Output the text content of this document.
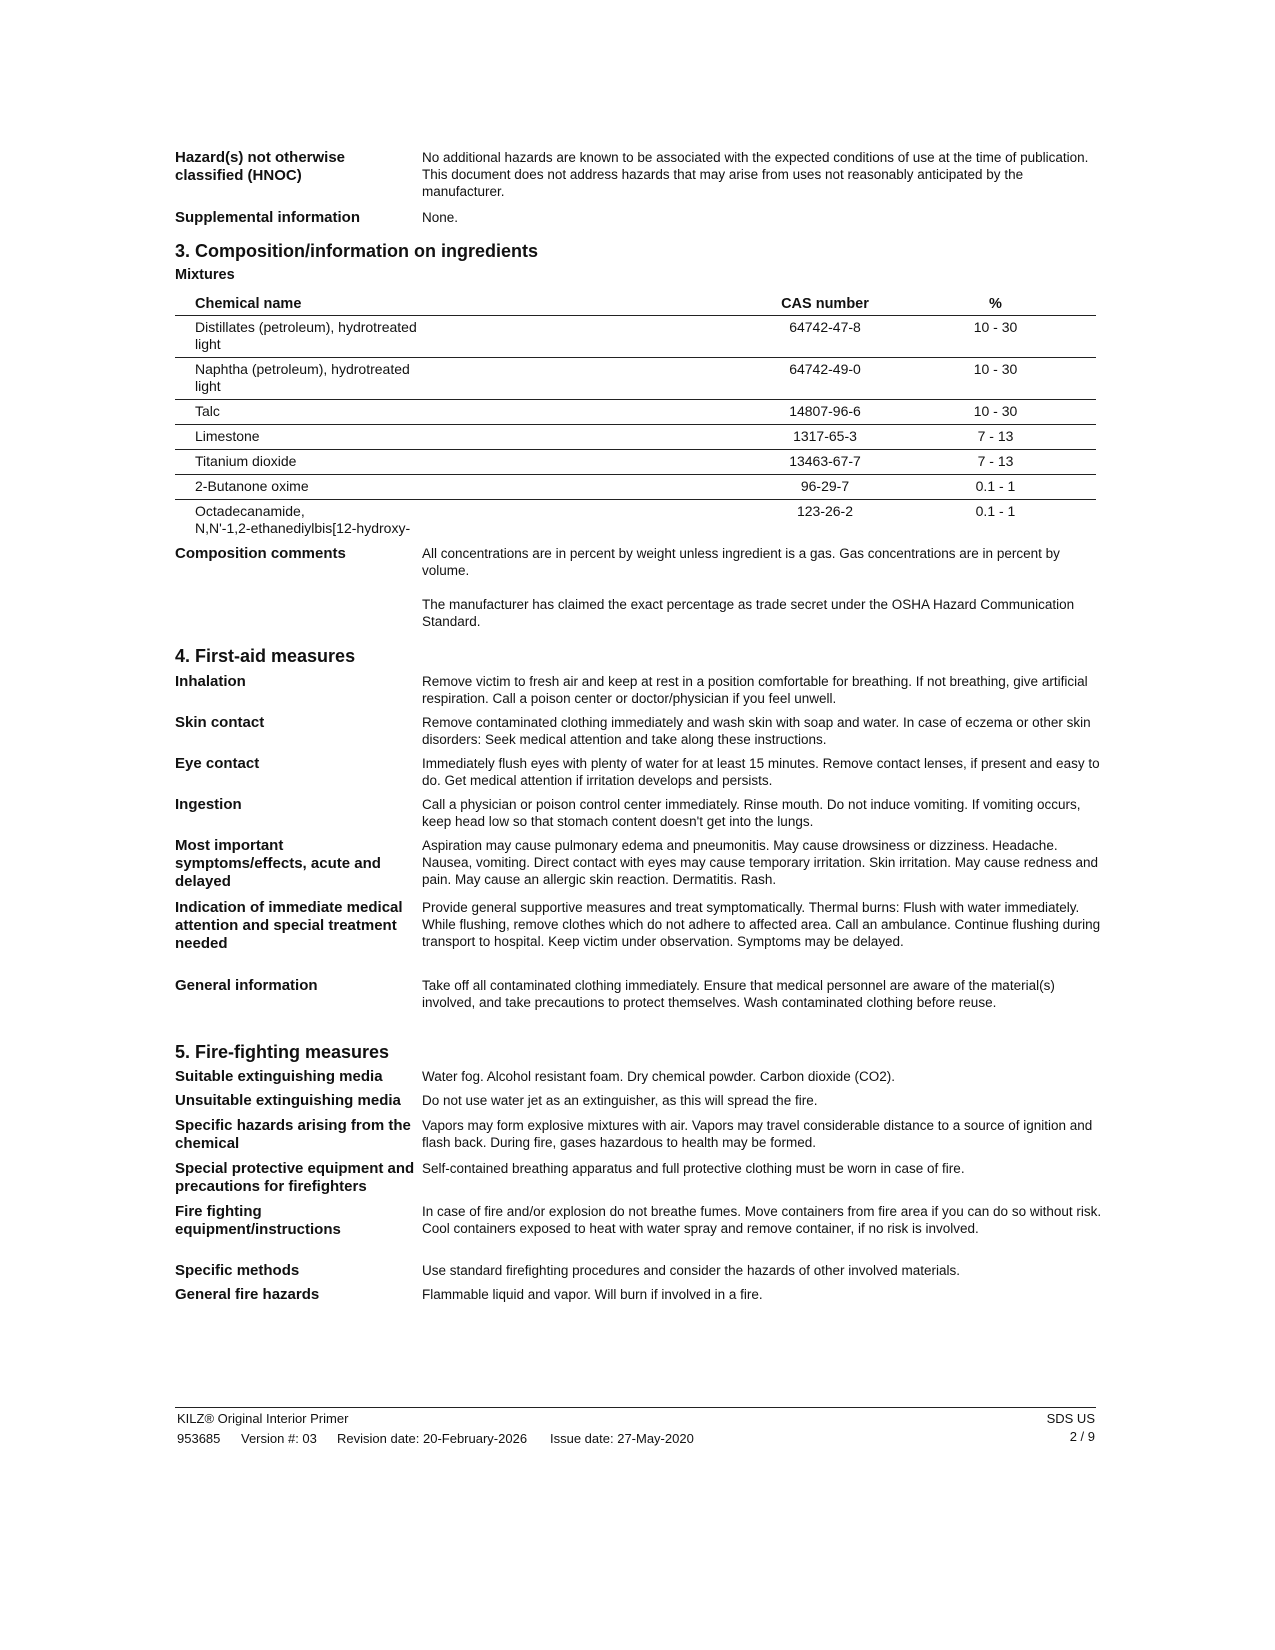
Hazard(s) not otherwise classified (HNOC)

No additional hazards are known to be associated with the expected conditions of use at the time of publication. This document does not address hazards that may arise from uses not reasonably anticipated by the manufacturer.

Supplemental information	None.

3. Composition/information on ingredients
Mixtures
Chemical name	CAS number	%
Distillates (petroleum), hydrotreated
light	64742-47-8	10 - 30
Naphtha (petroleum), hydrotreated
light	64742-49-0	10 - 30
Talc	14807-96-6	10 - 30
Limestone	1317-65-3	7 - 13
Titanium dioxide	13463-67-7	7 - 13
2-Butanone oxime	96-29-7	0.1 - 1
Octadecanamide,
N,N'-1,2-ethanediylbis[12-hydroxy-	123-26-2	0.1 - 1
Composition comments	All concentrations are in percent by weight unless ingredient is a gas. Gas concentrations are in percent by volume.

The manufacturer has claimed the exact percentage as trade secret under the OSHA Hazard Communication Standard.

4. First-aid measures
Inhalation	Remove victim to fresh air and keep at rest in a position comfortable for breathing. If not breathing, give artificial respiration. Call a poison center or doctor/physician if you feel unwell.

Skin contact	Remove contaminated clothing immediately and wash skin with soap and water. In case of eczema or other skin disorders: Seek medical attention and take along these instructions.

Eye contact	Immediately flush eyes with plenty of water for at least 15 minutes. Remove contact lenses, if present and easy to do. Get medical attention if irritation develops and persists.

Ingestion	Call a physician or poison control center immediately. Rinse mouth. Do not induce vomiting. If vomiting occurs, keep head low so that stomach content doesn't get into the lungs.

Most important symptoms/effects, acute and delayed

Aspiration may cause pulmonary edema and pneumonitis. May cause drowsiness or dizziness. Headache. Nausea, vomiting. Direct contact with eyes may cause temporary irritation. Skin irritation. May cause redness and pain. May cause an allergic skin reaction. Dermatitis. Rash.

Indication of immediate medical attention and special treatment needed

Provide general supportive measures and treat symptomatically. Thermal burns: Flush with water immediately. While flushing, remove clothes which do not adhere to affected area. Call an ambulance. Continue flushing during transport to hospital. Keep victim under observation. Symptoms may be delayed.

General information	Take off all contaminated clothing immediately. Ensure that medical personnel are aware of the material(s) involved, and take precautions to protect themselves. Wash contaminated clothing before reuse.

5. Fire-fighting measures
Suitable extinguishing media	Water fog. Alcohol resistant foam. Dry chemical powder. Carbon dioxide (CO2).

Unsuitable extinguishing media	Do not use water jet as an extinguisher, as this will spread the fire.

Specific hazards arising from the chemical

Vapors may form explosive mixtures with air. Vapors may travel considerable distance to a source of ignition and flash back. During fire, gases hazardous to health may be formed.

Special protective equipment and precautions for firefighters

Self-contained breathing apparatus and full protective clothing must be worn in case of fire.

Fire fighting equipment/instructions

In case of fire and/or explosion do not breathe fumes. Move containers from fire area if you can do so without risk. Cool containers exposed to heat with water spray and remove container, if no risk is involved.

Specific methods	Use standard firefighting procedures and consider the hazards of other involved materials.

General fire hazards	Flammable liquid and vapor. Will burn if involved in a fire.

KILZ® Original Interior Primer
953685 Version #: 03 Revision date: 20-February-2026 Issue date: 27-May-2020
SDS US
2 / 9
